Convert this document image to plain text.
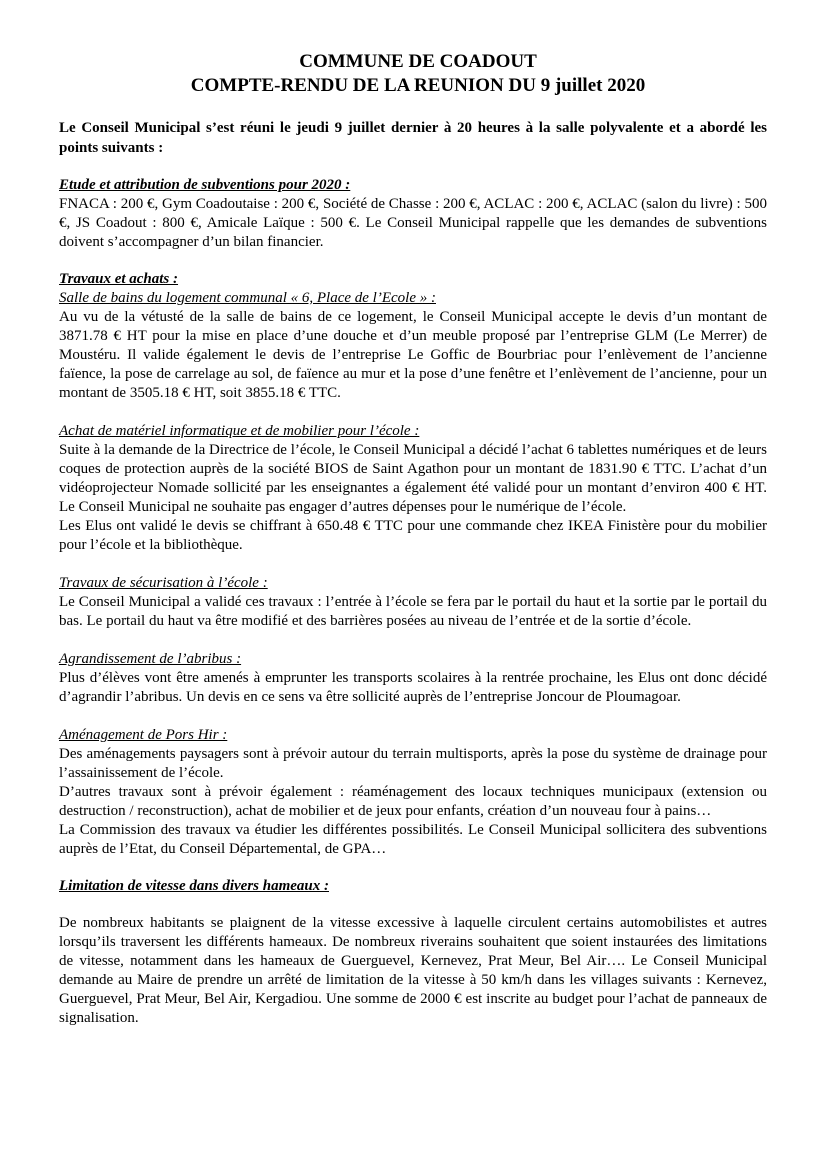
COMMUNE DE COADOUT
COMPTE-RENDU DE LA REUNION DU 9 juillet 2020

Le Conseil Municipal s’est réuni le jeudi 9 juillet dernier à 20 heures à la salle polyvalente et a abordé les points suivants :

Etude et attribution de subventions pour 2020 :

FNACA : 200 €, Gym Coadoutaise : 200 €, Société de Chasse : 200 €, ACLAC : 200 €, ACLAC (salon du livre) : 500 €, JS Coadout : 800 €, Amicale Laïque : 500 €. Le Conseil Municipal rappelle que les demandes de subventions doivent s’accompagner d’un bilan financier.

Travaux et achats :
Salle de bains du logement communal « 6, Place de l’Ecole » :

Au vu de la vétusté de la salle de bains de ce logement, le Conseil Municipal accepte le devis d’un montant de 3871.78 € HT pour la mise en place d’une douche et d’un meuble proposé par l’entreprise GLM (Le Merrer) de Moustéru. Il valide également le devis de l’entreprise Le Goffic de Bourbriac pour l’enlèvement de l’ancienne faïence, la pose de carrelage au sol, de faïence au mur et la pose d’une fenêtre et l’enlèvement de l’ancienne, pour un montant de 3505.18 € HT, soit 3855.18 € TTC.

Achat de matériel informatique et de mobilier pour l’école :

Suite à la demande de la Directrice de l’école, le Conseil Municipal a décidé l’achat 6 tablettes numériques et de leurs coques de protection auprès de la société BIOS de Saint Agathon pour un montant de 1831.90 € TTC. L’achat d’un vidéoprojecteur Nomade sollicité par les enseignantes a également été validé pour un montant d’environ 400 € HT. Le Conseil Municipal ne souhaite pas engager d’autres dépenses pour le numérique de l’école.

Les Elus ont validé le devis se chiffrant à 650.48 € TTC pour une commande chez IKEA Finistère pour du mobilier pour l’école et la bibliothèque.

Travaux de sécurisation à l’école :

Le Conseil Municipal a validé ces travaux : l’entrée à l’école se fera par le portail du haut et la sortie par le portail du bas. Le portail du haut va être modifié et des barrières posées au niveau de l’entrée et de la sortie d’école.

Agrandissement de l’abribus :

Plus d’élèves vont être amenés à emprunter les transports scolaires à la rentrée prochaine, les Elus ont donc décidé d’agrandir l’abribus. Un devis en ce sens va être sollicité auprès de l’entreprise Joncour de Ploumagoar.

Aménagement de Pors Hir :

Des aménagements paysagers sont à prévoir autour du terrain multisports, après la pose du système de drainage pour l’assainissement de l’école.

D’autres travaux sont à prévoir également : réaménagement des locaux techniques municipaux (extension ou destruction / reconstruction), achat de mobilier et de jeux pour enfants, création d’un nouveau four à pains…

La Commission des travaux va étudier les différentes possibilités. Le Conseil Municipal sollicitera des subventions auprès de l’Etat, du Conseil Départemental, de GPA…

Limitation de vitesse dans divers hameaux :

De nombreux habitants se plaignent de la vitesse excessive à laquelle circulent certains automobilistes et autres lorsqu’ils traversent les différents hameaux. De nombreux riverains souhaitent que soient instaurées des limitations de vitesse, notamment dans les hameaux de Guerguevel, Kernevez, Prat Meur, Bel Air…. Le Conseil Municipal demande au Maire de prendre un arrêté de limitation de la vitesse à 50 km/h dans les villages suivants : Kernevez, Guerguevel, Prat Meur, Bel Air, Kergadiou. Une somme de 2000 € est inscrite au budget pour l’achat de panneaux de signalisation.
